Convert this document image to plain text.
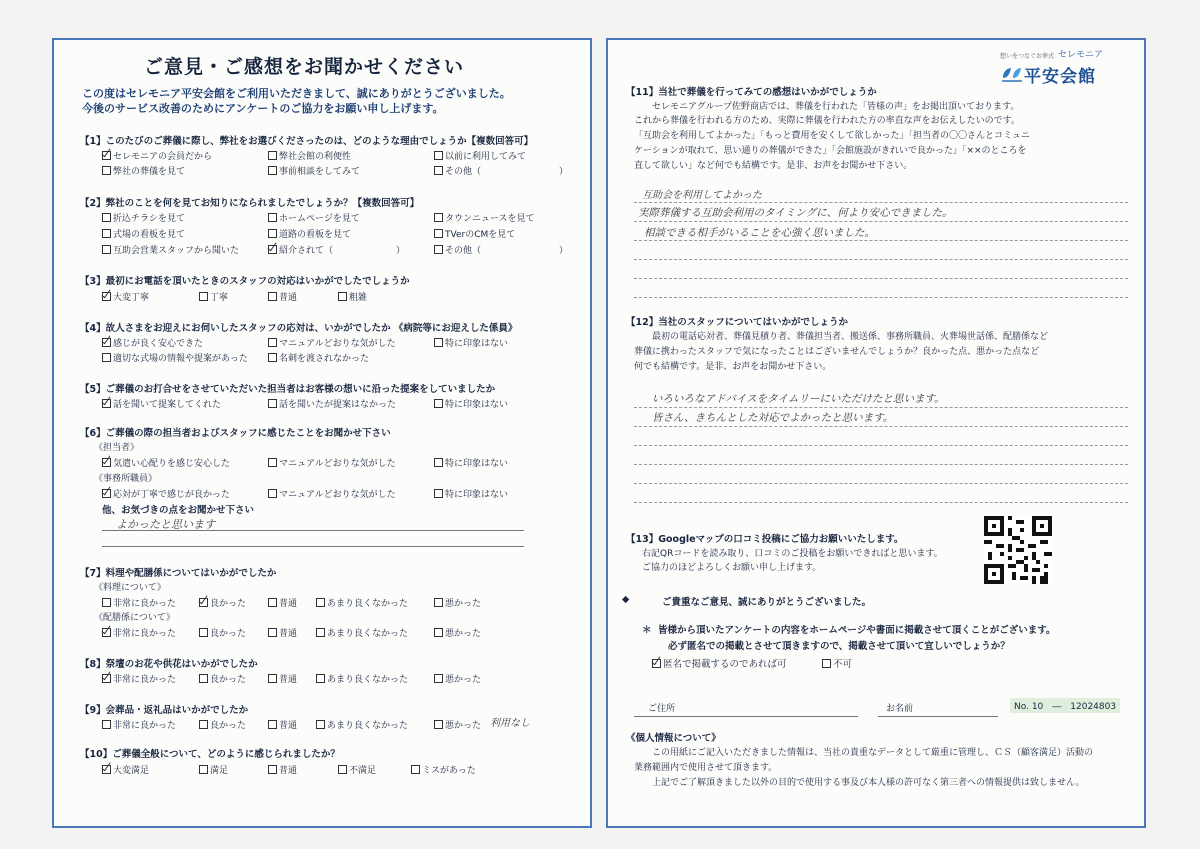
ご意見・ご感想をお聞かせください
この度はセレモニア平安会館をご利用いただきまして、誠にありがとうございました。
今後のサービス改善のためにアンケートのご協力をお願い申し上げます。
【1】このたびのご葬儀に際し、弊社をお選びくださったのは、どのような理由でしょうか【複数回答可】
セレモニアの会員だから	弊社会館の利便性	以前に利用してみて
弊社の葬儀を見て	事前相談をしてみて	その他（	）
【2】弊社のことを何を見てお知りになられましたでしょうか？【複数回答可】
折込チラシを見て	ホームページを見て	タウンニュースを見て
式場の看板を見て	道路の看板を見て	TVerのCMを見て
互助会営業スタッフから聞いた	紹介されて（	）	その他（	）
【3】最初にお電話を頂いたときのスタッフの対応はいかがでしたでしょうか
大変丁寧	丁寧	普通	粗雑
【4】故人さまをお迎えにお伺いしたスタッフの応対は、いかがでしたか 《病院等にお迎えした係員》
感じが良く安心できた	マニュアルどおりな気がした	特に印象はない
適切な式場の情報や提案があった	名刺を渡されなかった
【5】ご葬儀のお打合せをさせていただいた担当者はお客様の想いに沿った提案をしていましたか
話を聞いて提案してくれた	話を聞いたが提案はなかった	特に印象はない
【6】ご葬儀の際の担当者およびスタッフに感じたことをお聞かせ下さい
《担当者》
気遣い心配りを感じ安心した	マニュアルどおりな気がした	特に印象はない
《事務所職員》
応対が丁寧で感じが良かった	マニュアルどおりな気がした	特に印象はない
他、お気づきの点をお聞かせ下さい
よかったと思います
【7】料理や配膳係についてはいかがでしたか
《料理について》
非常に良かった	良かった	普通	あまり良くなかった	悪かった
《配膳係について》
非常に良かった	良かった	普通	あまり良くなかった	悪かった
【8】祭壇のお花や供花はいかがでしたか
非常に良かった	良かった	普通	あまり良くなかった	悪かった
【9】会葬品・返礼品はいかがでしたか
非常に良かった	良かった	普通	あまり良くなかった	悪かった 利用なし
【10】ご葬儀全般について、どのように感じられましたか？
大変満足	満足	普通	不満足	ミスがあった
想いをつなぐお葬式 セレモニア
平安会館
【11】当社で葬儀を行ってみての感想はいかがでしょうか
セレモニアグループ佐野商店では、葬儀を行われた「皆様の声」をお掲出頂いております。
これから葬儀を行われる方のため、実際に葬儀を行われた方の率直な声をお伝えしたいのです。
「互助会を利用してよかった」「もっと費用を安くして欲しかった」「担当者の〇〇さんとコミュニ
ケーションが取れて、思い通りの葬儀ができた」「会館施設がきれいで良かった」「××のところを
直して欲しい」など何でも結構です。是非、お声をお聞かせ下さい。
互助会を利用してよかった
実際葬儀する互助会利用のタイミングに、何より安心できました。
相談できる相手がいることを心強く思いました。
【12】当社のスタッフについてはいかがでしょうか
最初の電話応対者、葬儀見積り者、葬儀担当者、搬送係、事務所職員、火葬場世話係、配膳係など
葬儀に携わったスタッフで気になったことはございませんでしょうか？良かった点、悪かった点など
何でも結構です。是非、お声をお聞かせ下さい。
いろいろなアドバイスをタイムリーにいただけたと思います。
皆さん、きちんとした対応でよかったと思います。
【13】Googleマップの口コミ投稿にご協力お願いいたします。
右記QRコードを読み取り、口コミのご投稿をお願いできればと思います。
ご協力のほどよろしくお願い申し上げます。
◆	ご貴重なご意見、誠にありがとうございました。
＊ 皆様から頂いたアンケートの内容をホームページや書面に掲載させて頂くことがございます。
必ず匿名での掲載とさせて頂きますので、掲載させて頂いて宜しいでしょうか？
匿名で掲載するのであれば可	不可
ご住所	お名前	No. 10　―　12024803
《個人情報について》
この用紙にご記入いただきました情報は、当社の貴重なデータとして厳重に管理し、ＣＳ（顧客満足）活動の
業務範囲内で使用させて頂きます。
上記でご了解頂きました以外の目的で使用する事及び本人様の許可なく第三者への情報提供は致しません。
